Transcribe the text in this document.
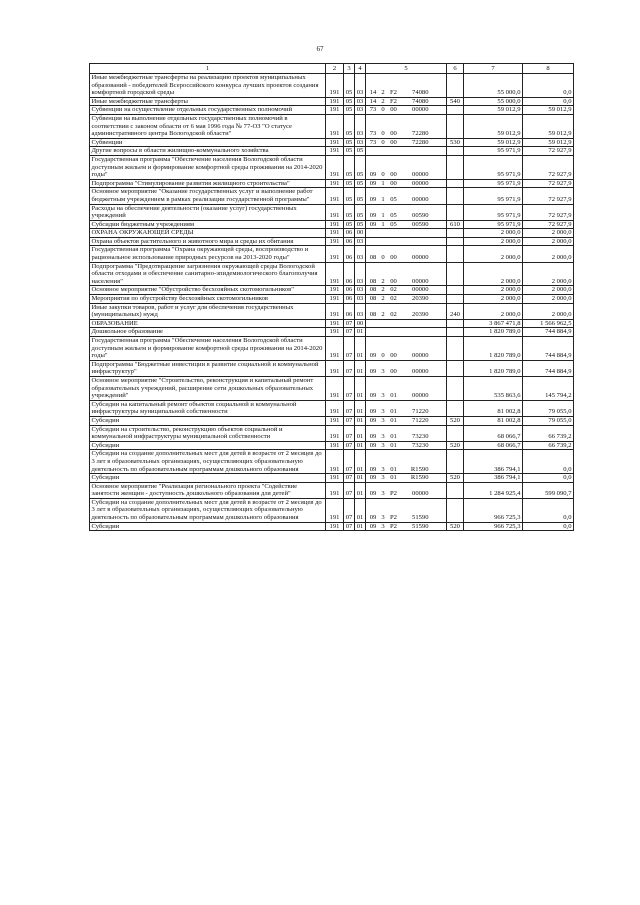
67
1	2	3	4	5	6	7	8
Иные межбюджетные трансферты на реализацию проектов муниципальных образований - победителей Всероссийского конкурса лучших проектов создания комфортной городской среды	191	05	03	14 2 F2 74080		55 000,0	0,0
Иные межбюджетные трансферты	191	05	03	14 2 F2 74080	540	55 000,0	0,0
Субвенции на осуществление отдельных государственных полномочий	191	05	03	73 0 00 00000		59 012,9	59 012,9
Субвенция на выполнение отдельных государственных полномочий в соответствии с законом области от 6 мая 1996 года № 77-ОЗ "О статусе административного центра Вологодской области"	191	05	03	73 0 00 72280		59 012,9	59 012,9
Субвенции	191	05	03	73 0 00 72280	530	59 012,9	59 012,9
Другие вопросы в области жилищно-коммунального хозяйства	191	05	05			95 971,9	72 927,9
Государственная программа "Обеспечение населения Вологодской области доступным жильем и формирование комфортной среды проживания на 2014-2020 годы"	191	05	05	09 0 00 00000		95 971,9	72 927,9
Подпрограмма "Стимулирование развития жилищного строительства"	191	05	05	09 1 00 00000		95 971,9	72 927,9
Основное мероприятие "Оказание государственных услуг и выполнение работ бюджетным учреждением в рамках реализации государственной программы"	191	05	05	09 1 05 00000		95 971,9	72 927,9
Расходы на обеспечение деятельности (оказание услуг) государственных учреждений	191	05	05	09 1 05 00590		95 971,9	72 927,9
Субсидии бюджетным учреждениям	191	05	05	09 1 05 00590	610	95 971,9	72 927,9
ОХРАНА ОКРУЖАЮЩЕЙ СРЕДЫ	191	06	00			2 000,0	2 000,0
Охрана объектов растительного и животного мира и среды их обитания	191	06	03			2 000,0	2 000,0
Государственная программа "Охрана окружающей среды, воспроизводство и рациональное использование природных ресурсов на 2013-2020 годы"	191	06	03	08 0 00 00000		2 000,0	2 000,0
Подпрограмма "Предотвращение загрязнения окружающей среды Вологодской области отходами и обеспечение санитарно-эпидемиологического благополучия населения"	191	06	03	08 2 00 00000		2 000,0	2 000,0
Основное мероприятие "Обустройство бесхозяйных скотомогильников"	191	06	03	08 2 02 00000		2 000,0	2 000,0
Мероприятия по обустройству бесхозяйных скотомогильников	191	06	03	08 2 02 20390		2 000,0	2 000,0
Иные закупки товаров, работ и услуг для обеспечения государственных (муниципальных) нужд	191	06	03	08 2 02 20390	240	2 000,0	2 000,0
ОБРАЗОВАНИЕ	191	07	00			3 867 471,8	1 566 962,5
Дошкольное образование	191	07	01			1 820 789,0	744 884,9
Государственная программа "Обеспечение населения Вологодской области доступным жильем и формирование комфортной среды проживания на 2014-2020 годы"	191	07	01	09 0 00 00000		1 820 789,0	744 884,9
Подпрограмма "Бюджетные инвестиции в развитие социальной и коммунальной инфраструктур"	191	07	01	09 3 00 00000		1 820 789,0	744 884,9
Основное мероприятие "Строительство, реконструкция и капитальный ремонт образовательных учреждений, расширение сети дошкольных образовательных учреждений"	191	07	01	09 3 01 00000		535 863,6	145 794,2
Субсидии на капитальный ремонт объектов социальной и коммунальной инфраструктуры муниципальной собственности	191	07	01	09 3 01 71220		81 002,8	79 055,0
Субсидии	191	07	01	09 3 01 71220	520	81 002,8	79 055,0
Субсидии на строительство, реконструкцию объектов социальной и коммунальной инфраструктуры муниципальной собственности	191	07	01	09 3 01 73230		68 066,7	66 739,2
Субсидии	191	07	01	09 3 01 73230	520	68 066,7	66 739,2
Субсидии на создание дополнительных мест для детей в возрасте от 2 месяцев до 3 лет в образовательных организациях, осуществляющих образовательную деятельность по образовательным программам дошкольного образования	191	07	01	09 3 01 R1590		386 794,1	0,0
Субсидии	191	07	01	09 3 01 R1590	520	386 794,1	0,0
Основное мероприятие "Реализация регионального проекта "Содействие занятости женщин - доступность дошкольного образования для детей"	191	07	01	09 3 P2 00000		1 284 925,4	599 090,7
Субсидии на создание дополнительных мест для детей в возрасте от 2 месяцев до 3 лет в образовательных организациях, осуществляющих образовательную деятельность по образовательным программам дошкольного образования	191	07	01	09 3 P2 51590		966 725,3	0,0
Субсидии	191	07	01	09 3 P2 51590	520	966 725,3	0,0
